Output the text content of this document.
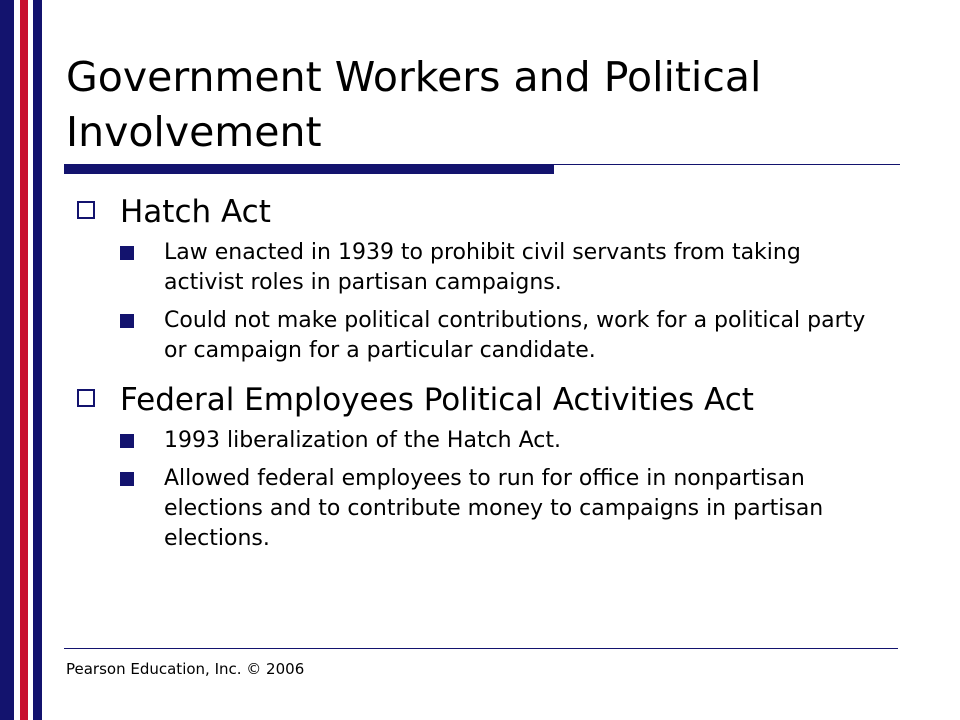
Government Workers and Political Involvement
Hatch Act
Law enacted in 1939 to prohibit civil servants from taking activist roles in partisan campaigns.
Could not make political contributions, work for a political party or campaign for a particular candidate.
Federal Employees Political Activities Act
1993 liberalization of the Hatch Act.
Allowed federal employees to run for office in nonpartisan elections and to contribute money to campaigns in partisan elections.
Pearson Education, Inc. © 2006
